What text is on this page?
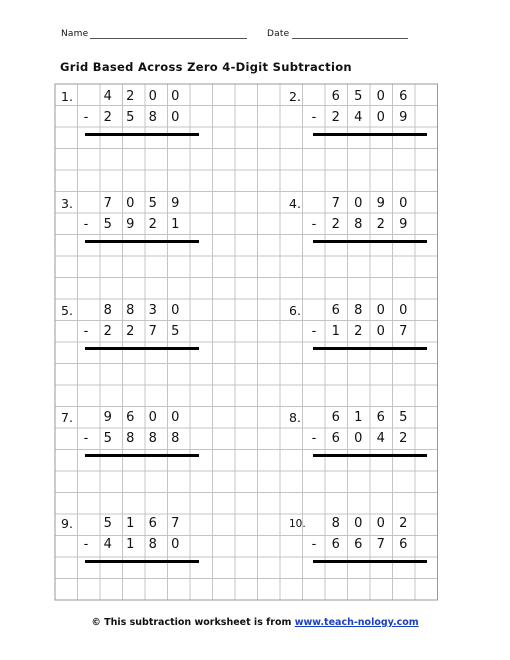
Name	Date
Grid Based Across Zero 4-Digit Subtraction
1.	4	2	0	0
-	2	5	8	0
2.	6	5	0	6
-	2	4	0	9
3.	7	0	5	9
-	5	9	2	1
4.	7	0	9	0
-	2	8	2	9
5.	8	8	3	0
-	2	2	7	5
6.	6	8	0	0
-	1	2	0	7
7.	9	6	0	0
-	5	8	8	8
8.	6	1	6	5
-	6	0	4	2
9.	5	1	6	7
-	4	1	8	0
10.	8	0	0	2
-	6	6	7	6
© This subtraction worksheet is from www.teach-nology.com
